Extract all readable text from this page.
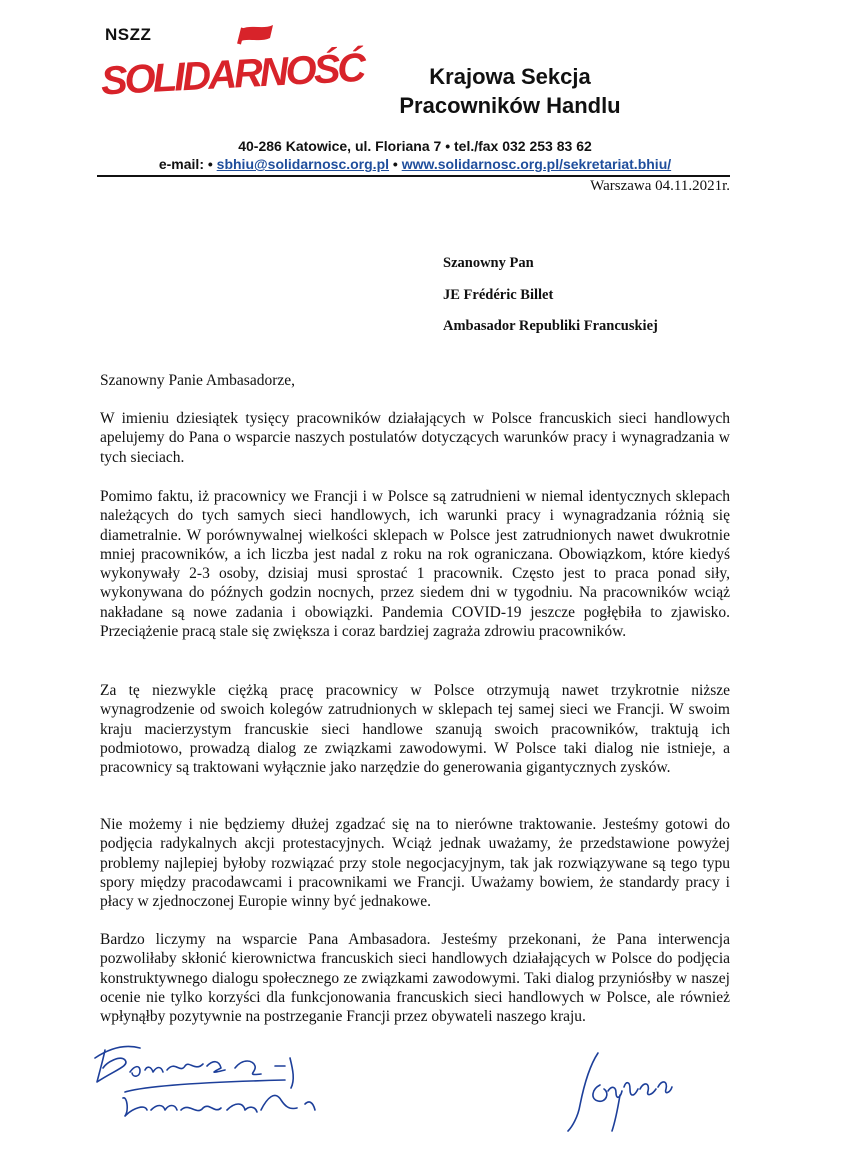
NSZZ
SOLIDARNOŚĆ	Krajowa Sekcja
Pracowników Handlu
40-286 Katowice, ul. Floriana 7 • tel./fax 032 253 83 62
e-mail: • sbhiu@solidarnosc.org.pl • www.solidarnosc.org.pl/sekretariat.bhiu/
Warszawa 04.11.2021r.
Szanowny Pan
JE Frédéric Billet
Ambasador Republiki Francuskiej
Szanowny Panie Ambasadorze,

W imieniu dziesiątek tysięcy pracowników działających w Polsce francuskich sieci handlowych apelujemy do Pana o wsparcie naszych postulatów dotyczących warunków pracy i wynagradzania w tych sieciach.

Pomimo faktu, iż pracownicy we Francji i w Polsce są zatrudnieni w niemal identycznych sklepach należących do tych samych sieci handlowych, ich warunki pracy i wynagradzania różnią się diametralnie. W porównywalnej wielkości sklepach w Polsce jest zatrudnionych nawet dwukrotnie mniej pracowników, a ich liczba jest nadal z roku na rok ograniczana. Obowiązkom, które kiedyś wykonywały 2-3 osoby, dzisiaj musi sprostać 1 pracownik. Często jest to praca ponad siły, wykonywana do późnych godzin nocnych, przez siedem dni w tygodniu. Na pracowników wciąż nakładane są nowe zadania i obowiązki. Pandemia COVID-19 jeszcze pogłębiła to zjawisko. Przeciążenie pracą stale się zwiększa i coraz bardziej zagraża zdrowiu pracowników.

Za tę niezwykle ciężką pracę pracownicy w Polsce otrzymują nawet trzykrotnie niższe wynagrodzenie od swoich kolegów zatrudnionych w sklepach tej samej sieci we Francji. W swoim kraju macierzystym francuskie sieci handlowe szanują swoich pracowników, traktują ich podmiotowo, prowadzą dialog ze związkami zawodowymi. W Polsce taki dialog nie istnieje, a pracownicy są traktowani wyłącznie jako narzędzie do generowania gigantycznych zysków.

Nie możemy i nie będziemy dłużej zgadzać się na to nierówne traktowanie. Jesteśmy gotowi do podjęcia radykalnych akcji protestacyjnych. Wciąż jednak uważamy, że przedstawione powyżej problemy najlepiej byłoby rozwiązać przy stole negocjacyjnym, tak jak rozwiązywane są tego typu spory między pracodawcami i pracownikami we Francji. Uważamy bowiem, że standardy pracy i płacy w zjednoczonej Europie winny być jednakowe.

Bardzo liczymy na wsparcie Pana Ambasadora. Jesteśmy przekonani, że Pana interwencja pozwoliłaby skłonić kierownictwa francuskich sieci handlowych działających w Polsce do podjęcia konstruktywnego dialogu społecznego ze związkami zawodowymi. Taki dialog przyniósłby w naszej ocenie nie tylko korzyści dla funkcjonowania francuskich sieci handlowych w Polsce, ale również wpłynąłby pozytywnie na postrzeganie Francji przez obywateli naszego kraju.
